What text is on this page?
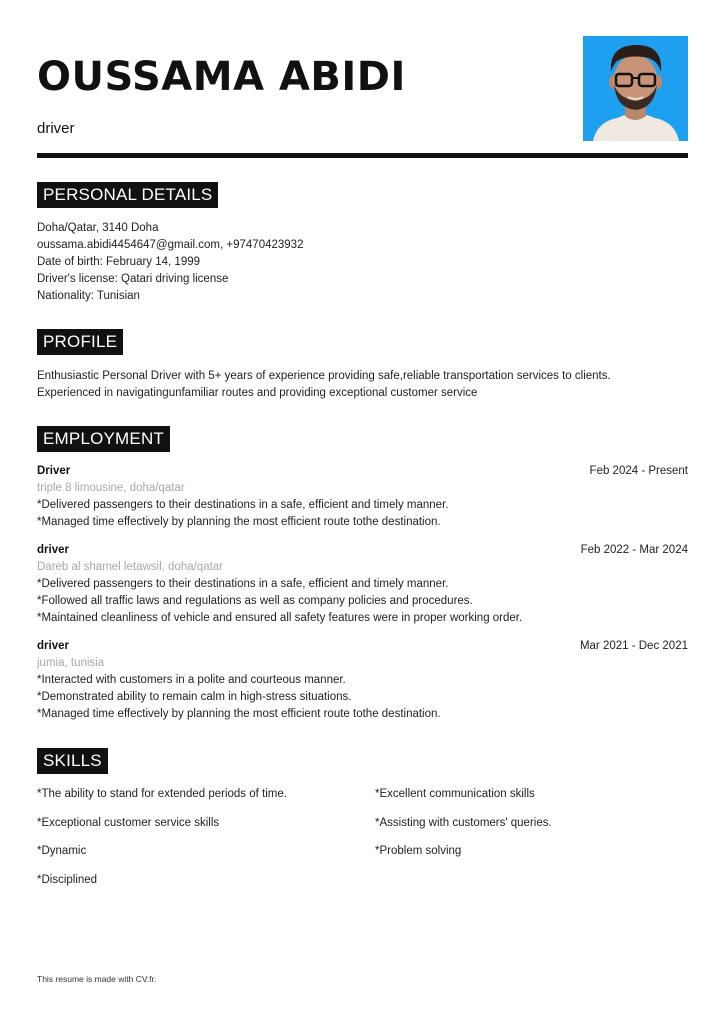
OUSSAMA ABIDI
driver
PERSONAL DETAILS
Doha/Qatar, 3140 Doha
oussama.abidi4454647@gmail.com, +97470423932
Date of birth: February 14, 1999
Driver's license: Qatari driving license
Nationality: Tunisian
PROFILE
Enthusiastic Personal Driver with 5+ years of experience providing safe,reliable transportation services to clients. Experienced in navigatingunfamiliar routes and providing exceptional customer service
EMPLOYMENT
Driver	Feb 2024 - Present
triple 8 limousine, doha/qatar
*Delivered passengers to their destinations in a safe, efficient and timely manner.
*Managed time effectively by planning the most efficient route tothe destination.
driver	Feb 2022 - Mar 2024
Dareb al shamel letawsil, doha/qatar
*Delivered passengers to their destinations in a safe, efficient and timely manner.
*Followed all traffic laws and regulations as well as company policies and procedures.
*Maintained cleanliness of vehicle and ensured all safety features were in proper working order.
driver	Mar 2021 - Dec 2021
jumia, tunisia
*Interacted with customers in a polite and courteous manner.
*Demonstrated ability to remain calm in high-stress situations.
*Managed time effectively by planning the most efficient route tothe destination.
SKILLS
*The ability to stand for extended periods of time.	*Excellent communication skills
*Exceptional customer service skills	*Assisting with customers' queries.
*Dynamic	*Problem solving
*Disciplined
This resume is made with CV.fr.
